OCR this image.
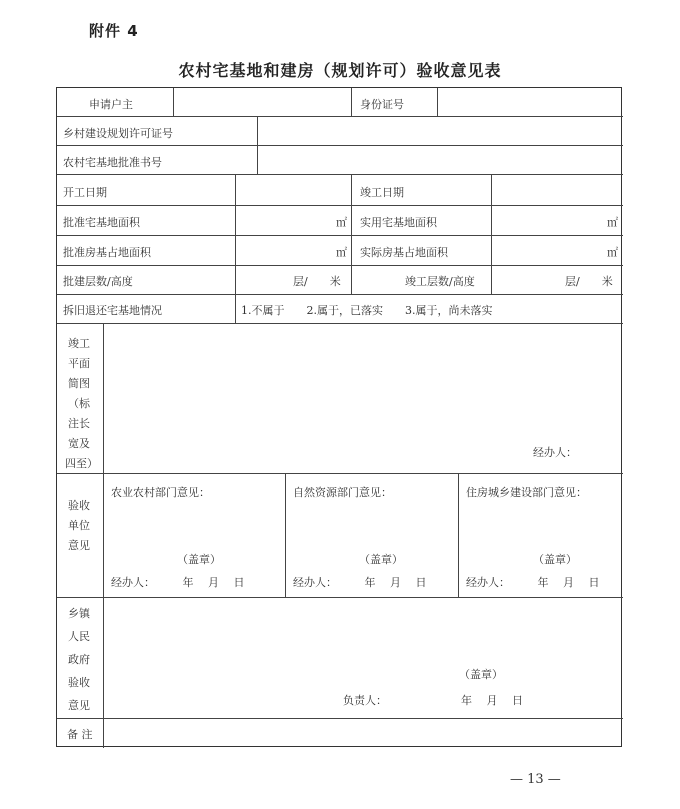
附件 4
农村宅基地和建房（规划许可）验收意见表
申请户主	身份证号
乡村建设规划许可证号
农村宅基地批准书号
开工日期	竣工日期
批准宅基地面积	㎡ 实用宅基地面积	㎡
批准房基占地面积	㎡ 实际房基占地面积	㎡
批建层数/高度	层/　　米	竣工层数/高度	层/　　米
拆旧退还宅基地情况	1.不属于　　2.属于，已落实　　3.属于，尚未落实
竣工
平面
简图
（标
注长
宽及
四至）
经办人：
验收
单位
意见
农业农村部门意见：	自然资源部门意见：	住房城乡建设部门意见：
（盖章）	（盖章）	（盖章）
经办人：　　　年　 月　 日	经办人：　　　年　 月　 日	经办人：　　　年　 月　 日
乡镇
人民
政府
验收
意见
（盖章）
负责人：	年　 月　 日
备 注
— 13 —
